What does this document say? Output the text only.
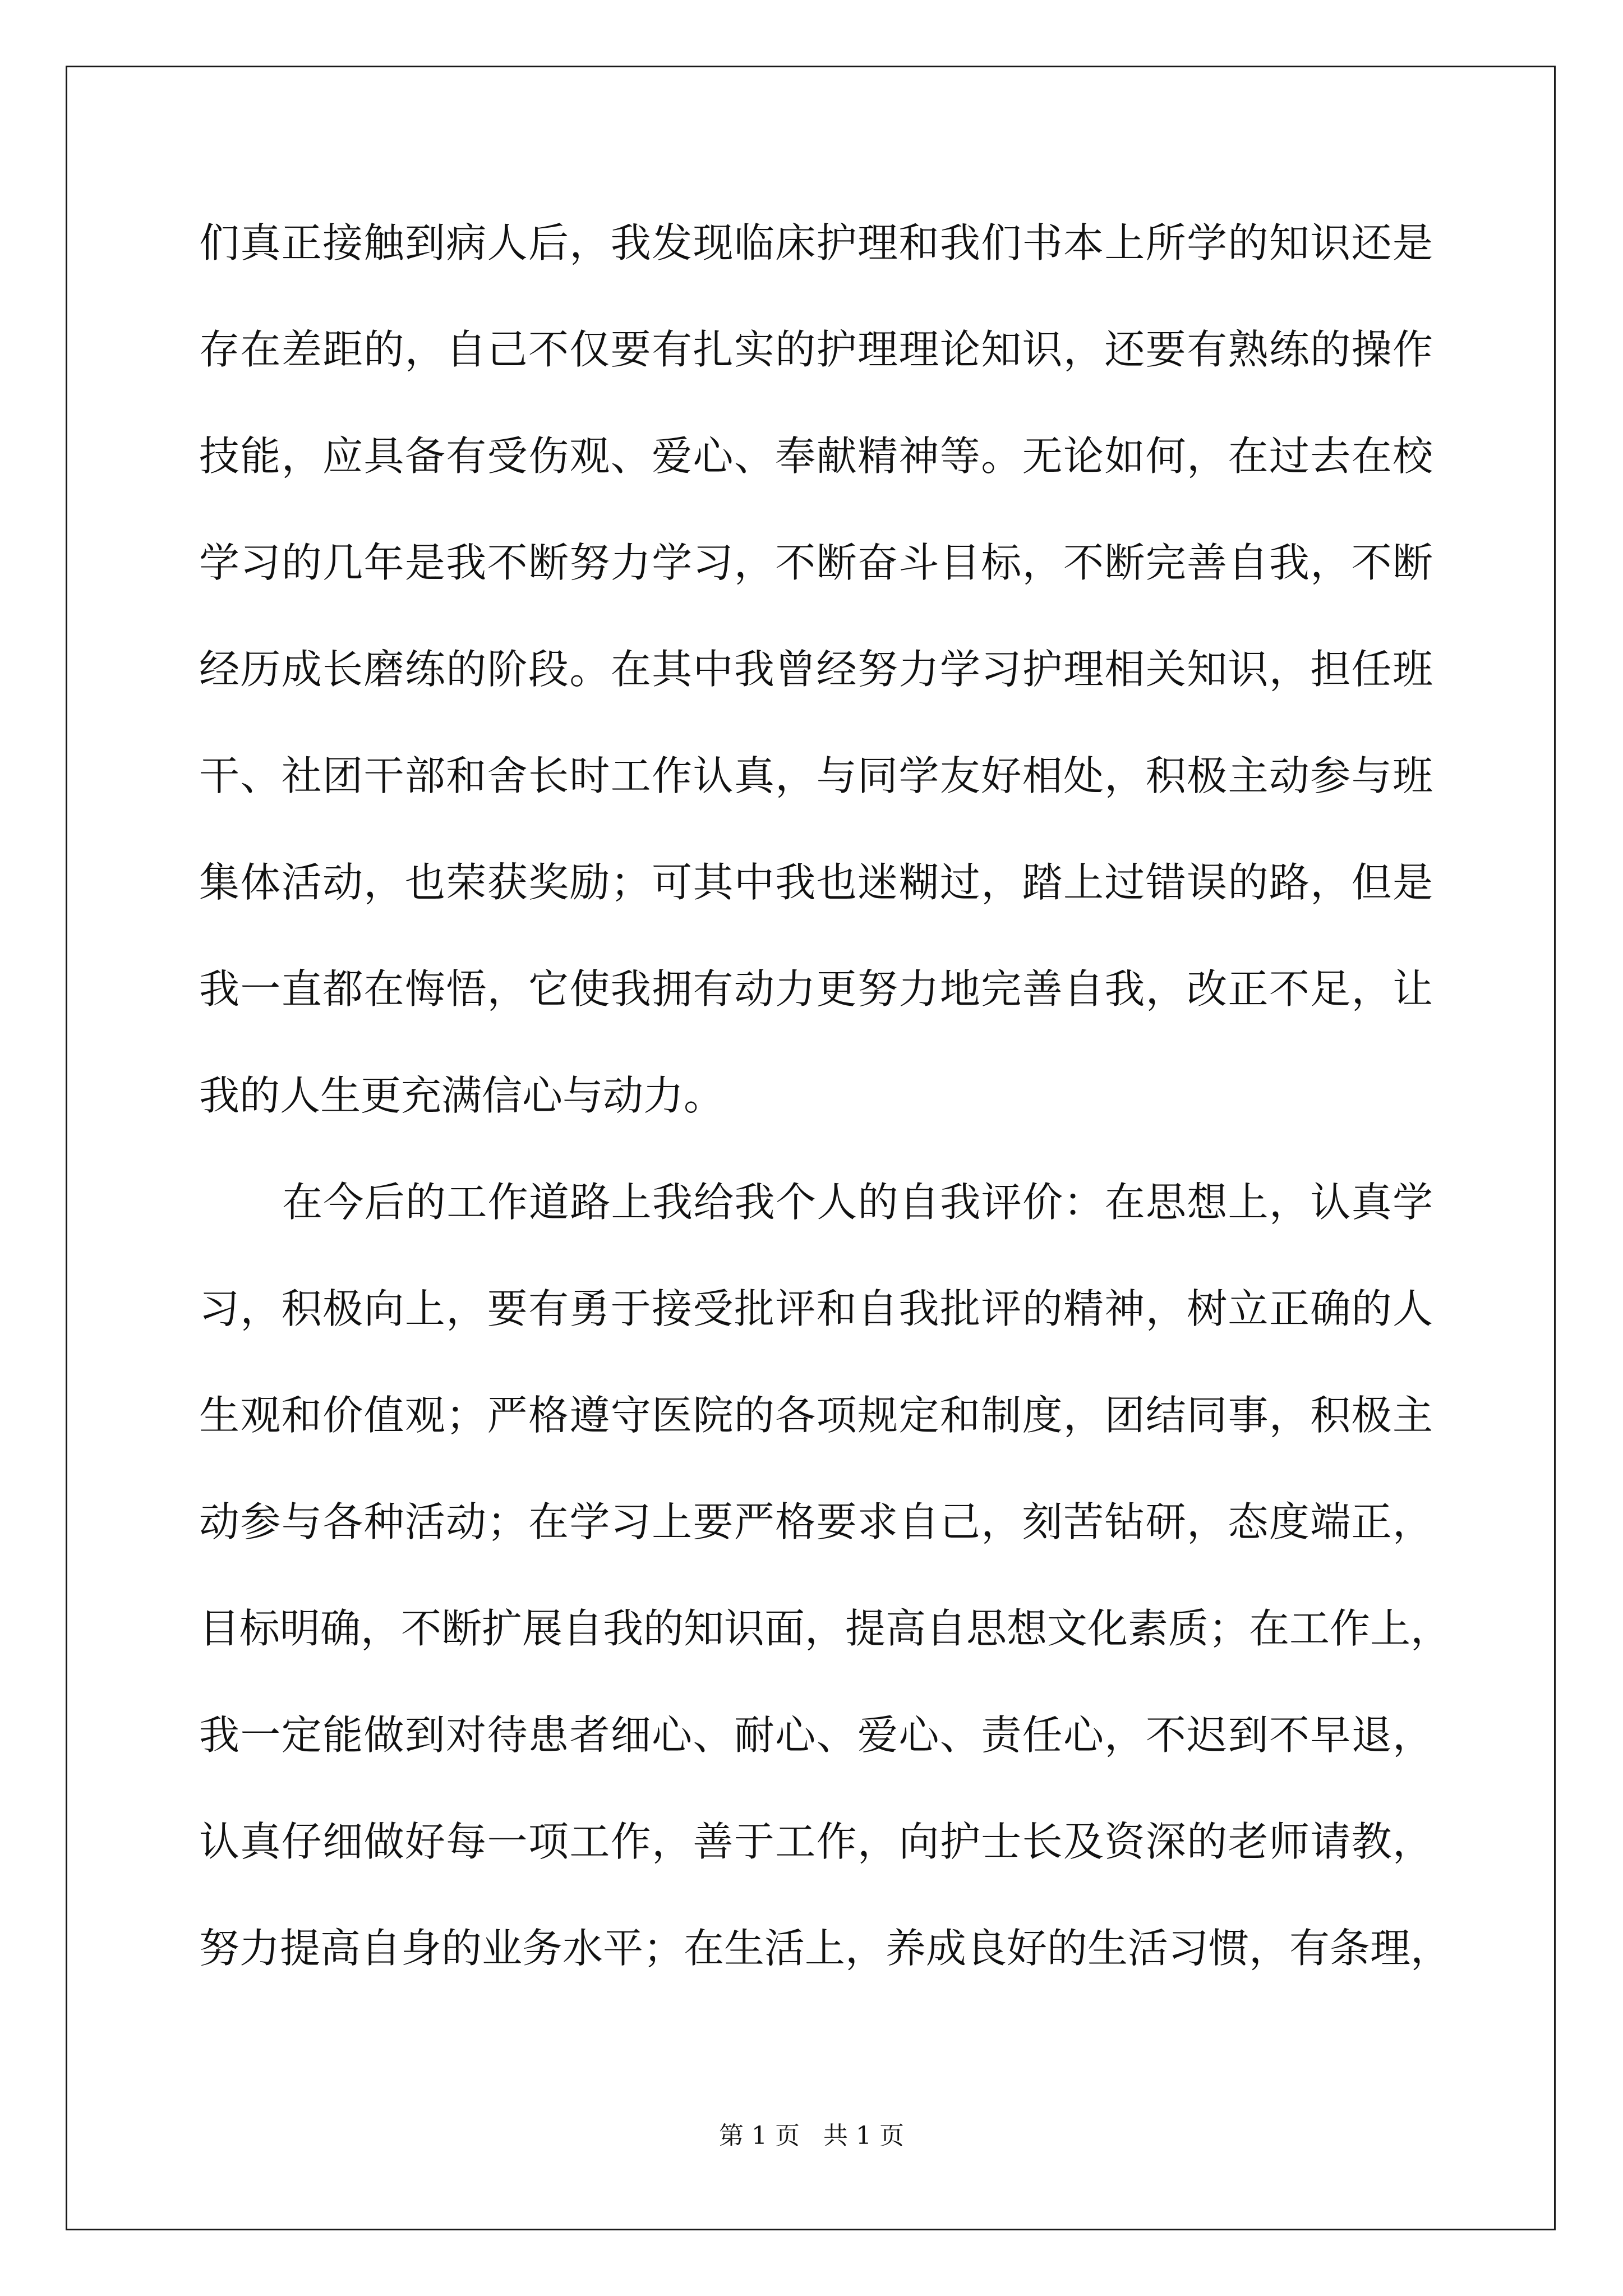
们真正接触到病人后，我发现临床护理和我们书本上所学的知识还是
存在差距的，自己不仅要有扎实的护理理论知识，还要有熟练的操作
技能，应具备有受伤观、爱心、奉献精神等。无论如何，在过去在校
学习的几年是我不断努力学习，不断奋斗目标，不断完善自我，不断
经历成长磨练的阶段。在其中我曾经努力学习护理相关知识，担任班
干、社团干部和舍长时工作认真，与同学友好相处，积极主动参与班
集体活动，也荣获奖励；可其中我也迷糊过，踏上过错误的路，但是
我一直都在悔悟，它使我拥有动力更努力地完善自我，改正不足，让
我的人生更充满信心与动力。
在今后的工作道路上我给我个人的自我评价：在思想上，认真学
习，积极向上，要有勇于接受批评和自我批评的精神，树立正确的人
生观和价值观；严格遵守医院的各项规定和制度，团结同事，积极主
动参与各种活动；在学习上要严格要求自己，刻苦钻研，态度端正，
目标明确，不断扩展自我的知识面，提高自思想文化素质；在工作上，
我一定能做到对待患者细心、耐心、爱心、责任心，不迟到不早退，
认真仔细做好每一项工作，善于工作，向护士长及资深的老师请教，
努力提高自身的业务水平；在生活上，养成良好的生活习惯，有条理，
第 1 页   共 1 页
